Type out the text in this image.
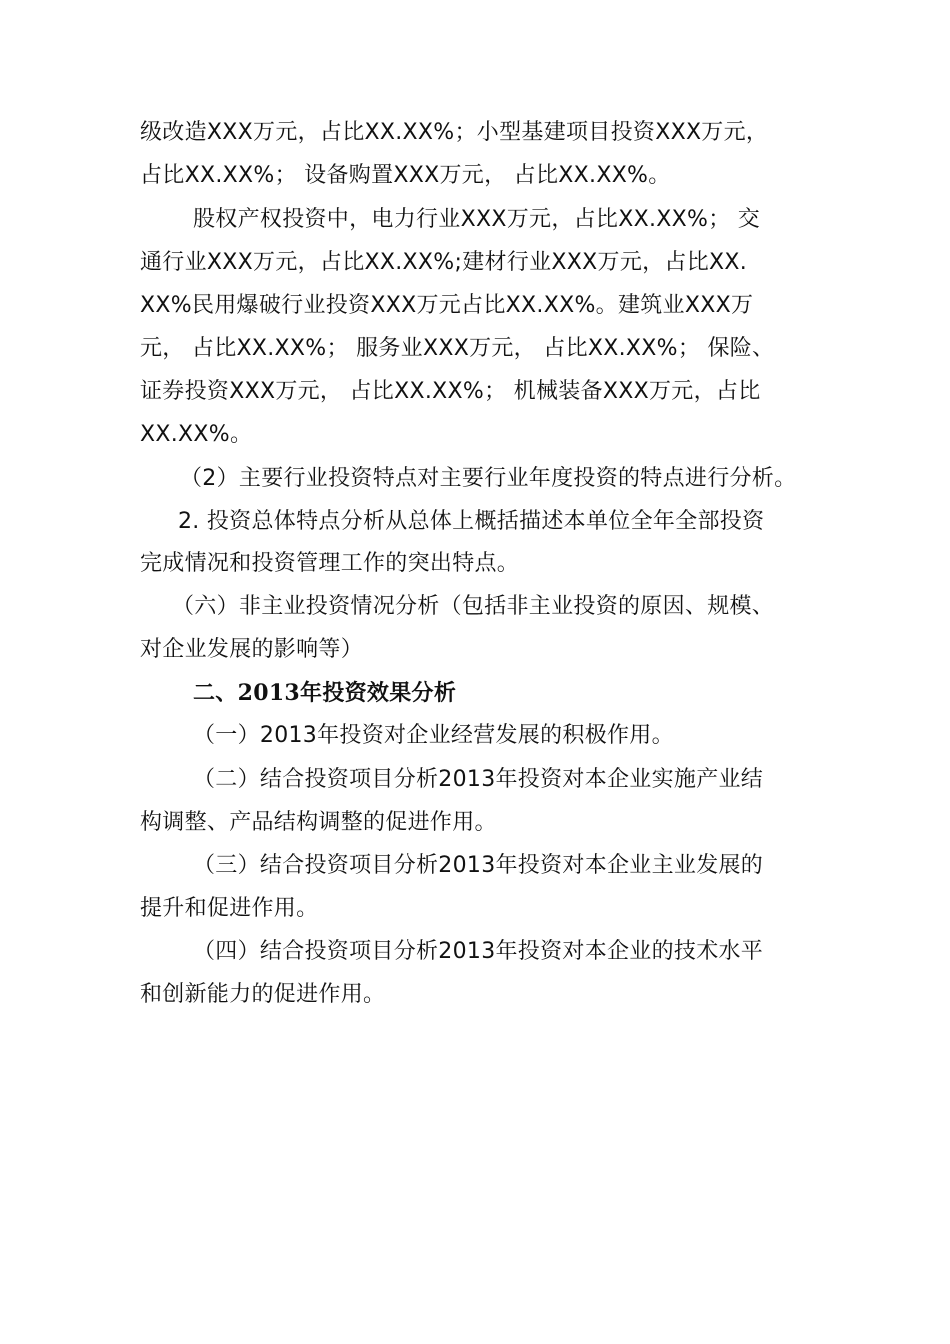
级改造XXX万元，占比XX.XX%；小型基建项目投资XXX万元，
占比XX.XX%； 设备购置XXX万元， 占比XX.XX%。
股权产权投资中，电力行业XXX万元，占比XX.XX%； 交
通行业XXX万元，占比XX.XX%;建材行业XXX万元，占比XX.
XX%民用爆破行业投资XXX万元占比XX.XX%。建筑业XXX万
元， 占比XX.XX%； 服务业XXX万元， 占比XX.XX%； 保险、
证券投资XXX万元， 占比XX.XX%； 机械装备XXX万元，占比
XX.XX%。
（2）主要行业投资特点对主要行业年度投资的特点进行分析。
2. 投资总体特点分析从总体上概括描述本单位全年全部投资
完成情况和投资管理工作的突出特点。
（六）非主业投资情况分析（包括非主业投资的原因、规模、
对企业发展的影响等）
二、2013年投资效果分析
（一）2013年投资对企业经营发展的积极作用。
（二）结合投资项目分析2013年投资对本企业实施产业结
构调整、产品结构调整的促进作用。
（三）结合投资项目分析2013年投资对本企业主业发展的
提升和促进作用。
（四）结合投资项目分析2013年投资对本企业的技术水平
和创新能力的促进作用。
